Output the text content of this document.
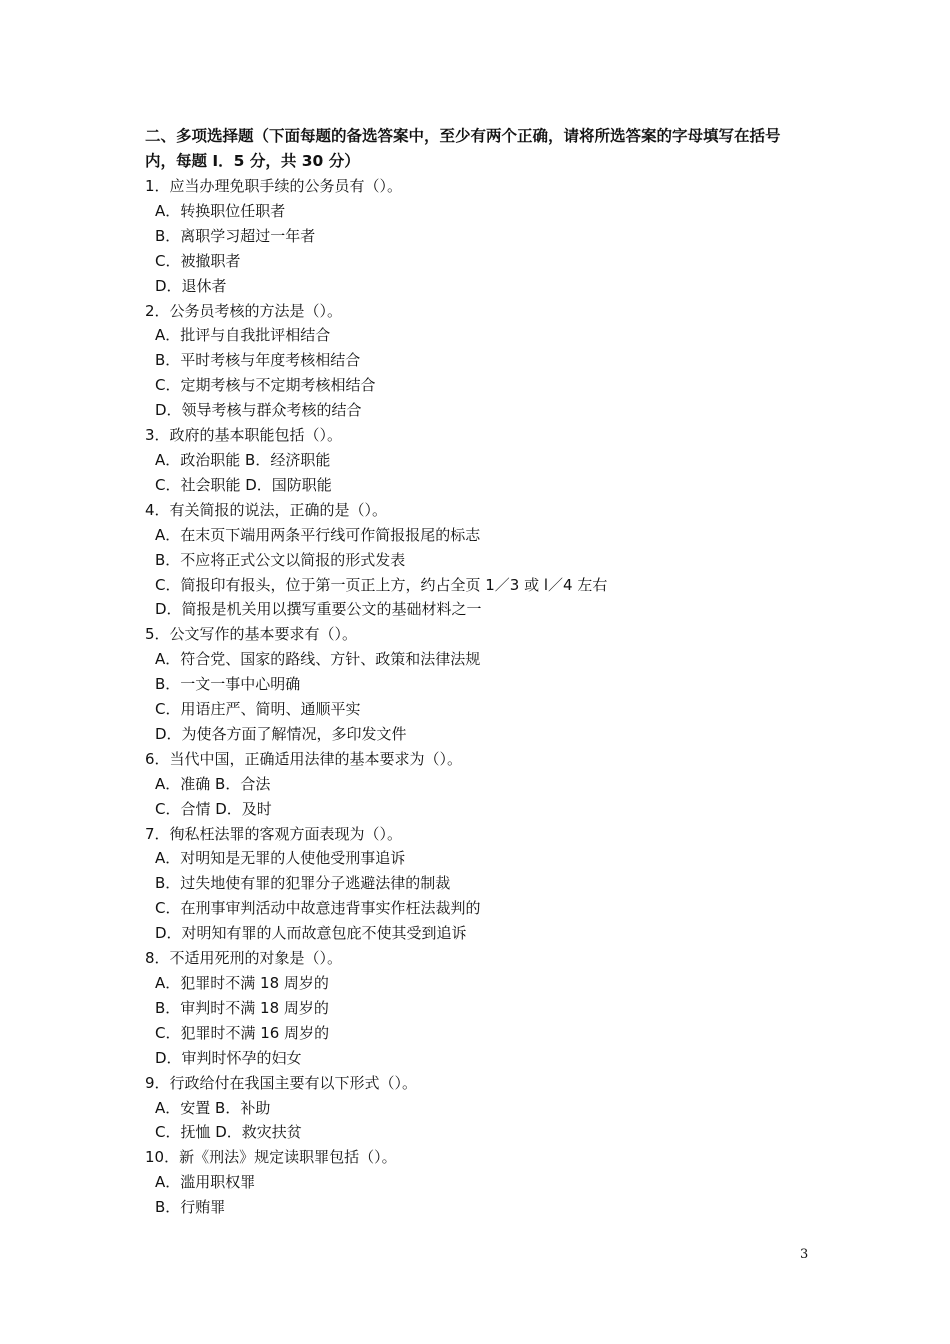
二、多项选择题（下面每题的备选答案中，至少有两个正确，请将所选答案的字母填写在括号

内，每题 I．5 分，共 30 分）

1．应当办理免职手续的公务员有（）。

A．转换职位任职者

B．离职学习超过一年者

C．被撤职者

D．退休者

2．公务员考核的方法是（）。

A．批评与自我批评相结合

B．平时考核与年度考核相结合

C．定期考核与不定期考核相结合

D．领导考核与群众考核的结合

3．政府的基本职能包括（）。

A．政治职能 B．经济职能

C．社会职能 D．国防职能

4．有关简报的说法，正确的是（）。

A．在末页下端用两条平行线可作简报报尾的标志

B．不应将正式公文以简报的形式发表

C．简报印有报头，位于第一页正上方，约占全页 1／3 或 l／4 左右

D．简报是机关用以撰写重要公文的基础材料之一

5．公文写作的基本要求有（）。

A．符合党、国家的路线、方针、政策和法律法规

B．一文一事中心明确

C．用语庄严、简明、通顺平实

D．为使各方面了解情况，多印发文件

6．当代中国，正确适用法律的基本要求为（）。

A．准确 B．合法

C．合情 D．及时

7．徇私枉法罪的客观方面表现为（）。

A．对明知是无罪的人使他受刑事追诉

B．过失地使有罪的犯罪分子逃避法律的制裁

C．在刑事审判活动中故意违背事实作枉法裁判的

D．对明知有罪的人而故意包庇不使其受到追诉

8．不适用死刑的对象是（）。

A．犯罪时不满 18 周岁的

B．审判时不满 18 周岁的

C．犯罪时不满 16 周岁的

D．审判时怀孕的妇女

9．行政给付在我国主要有以下形式（）。

A．安置 B．补助

C．抚恤 D．救灾扶贫

10．新《刑法》规定读职罪包括（）。

A．滥用职权罪

B．行贿罪

3
